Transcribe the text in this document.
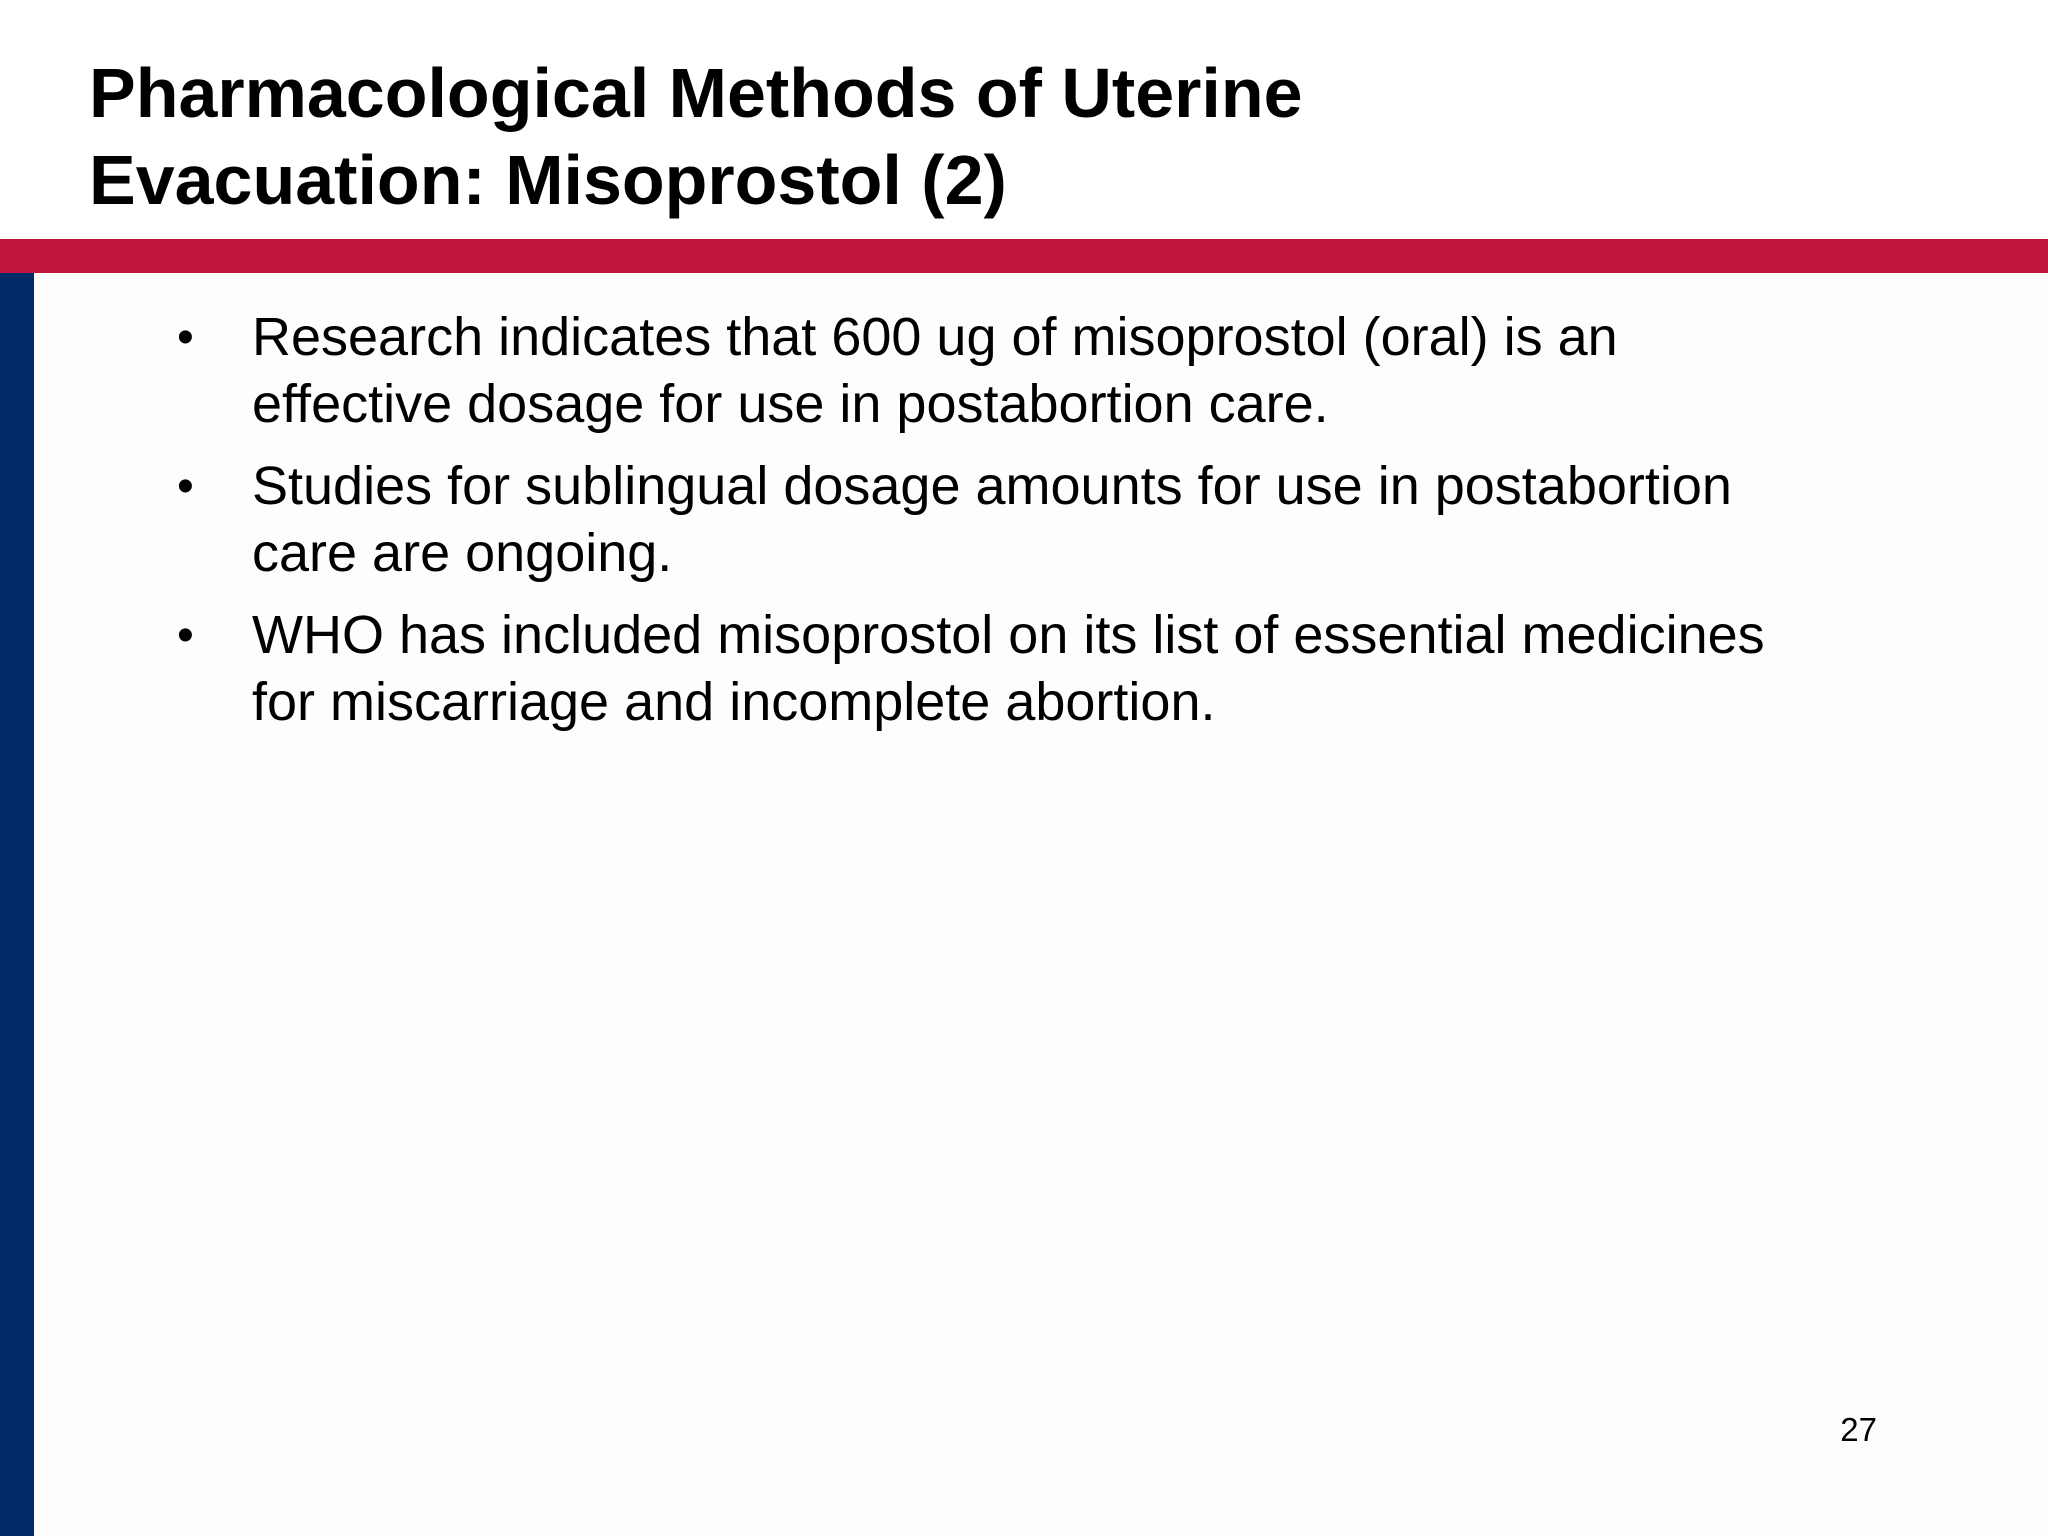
Pharmacological Methods of Uterine
Evacuation: Misoprostol (2)
• Research indicates that 600 ug of misoprostol (oral) is an
effective dosage for use in postabortion care.
• Studies for sublingual dosage amounts for use in postabortion
care are ongoing.
• WHO has included misoprostol on its list of essential medicines
for miscarriage and incomplete abortion.
27
